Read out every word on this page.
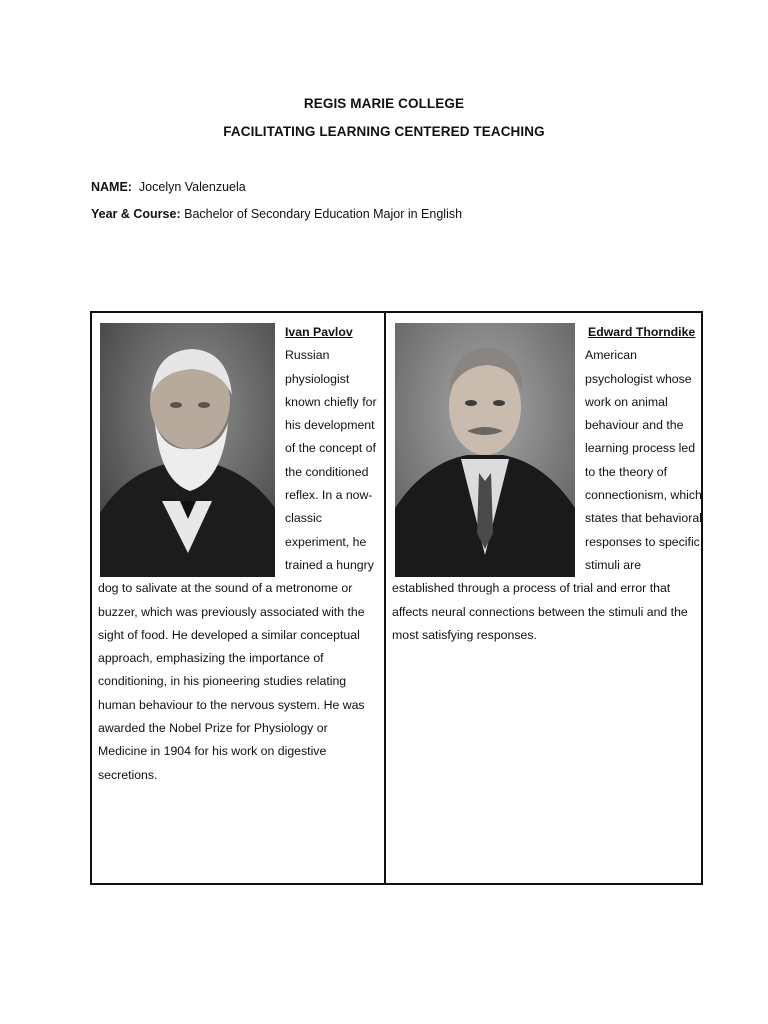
REGIS MARIE COLLEGE
FACILITATING LEARNING CENTERED TEACHING
NAME: Jocelyn Valenzuela
Year & Course: Bachelor of Secondary Education Major in English
Ivan Pavlov
Russian physiologist known chiefly for his development of the concept of the conditioned reflex. In a now-classic experiment, he trained a hungry dog to salivate at the sound of a metronome or buzzer, which was previously associated with the sight of food. He developed a similar conceptual approach, emphasizing the importance of conditioning, in his pioneering studies relating human behaviour to the nervous system. He was awarded the Nobel Prize for Physiology or Medicine in 1904 for his work on digestive secretions.
Edward Thorndike
American psychologist whose work on animal behaviour and the learning process led to the theory of connectionism, which states that behavioral responses to specific stimuli are established through a process of trial and error that affects neural connections between the stimuli and the most satisfying responses.
